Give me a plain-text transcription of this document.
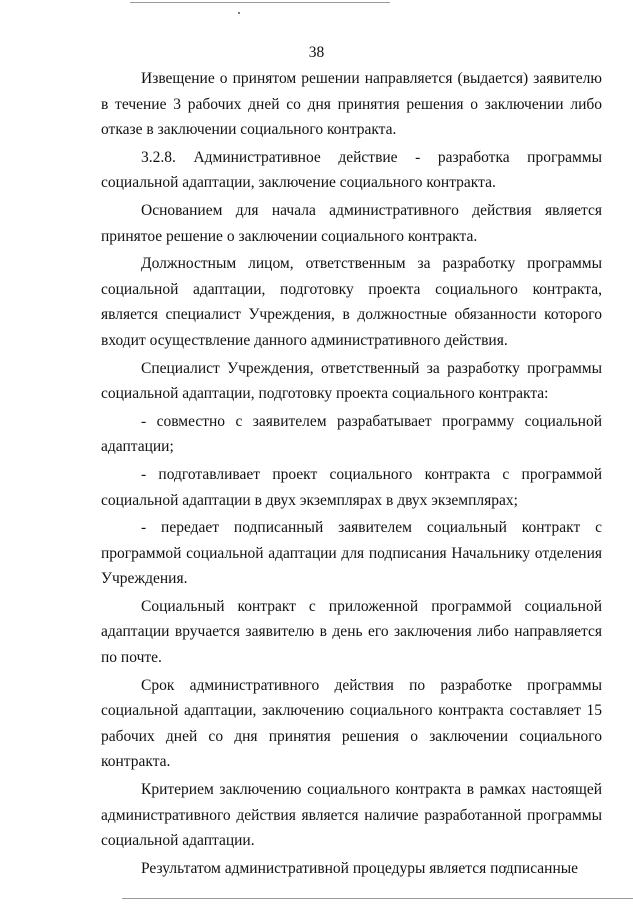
38

Извещение о принятом решении направляется (выдается) заявителю в течение 3 рабочих дней со дня принятия решения о заключении либо отказе в заключении социального контракта.

3.2.8. Административное действие - разработка программы социальной адаптации, заключение социального контракта.

Основанием для начала административного действия является принятое решение о заключении социального контракта.

Должностным лицом, ответственным за разработку программы социальной адаптации, подготовку проекта социального контракта, является специалист Учреждения, в должностные обязанности которого входит осуществление данного административного действия.

Специалист Учреждения, ответственный за разработку программы социальной адаптации, подготовку проекта социального контракта:

- совместно с заявителем разрабатывает программу социальной адаптации;

- подготавливает проект социального контракта с программой социальной адаптации в двух экземплярах в двух экземплярах;

- передает подписанный заявителем социальный контракт с программой социальной адаптации для подписания Начальнику отделения Учреждения.

Социальный контракт с приложенной программой социальной адаптации вручается заявителю в день его заключения либо направляется по почте.

Срок административного действия по разработке программы социальной адаптации, заключению социального контракта составляет 15 рабочих дней со дня принятия решения о заключении социального контракта.

Критерием заключению социального контракта в рамках настоящей административного действия является наличие разработанной программы социальной адаптации.

Результатом административной процедуры является подписанные
